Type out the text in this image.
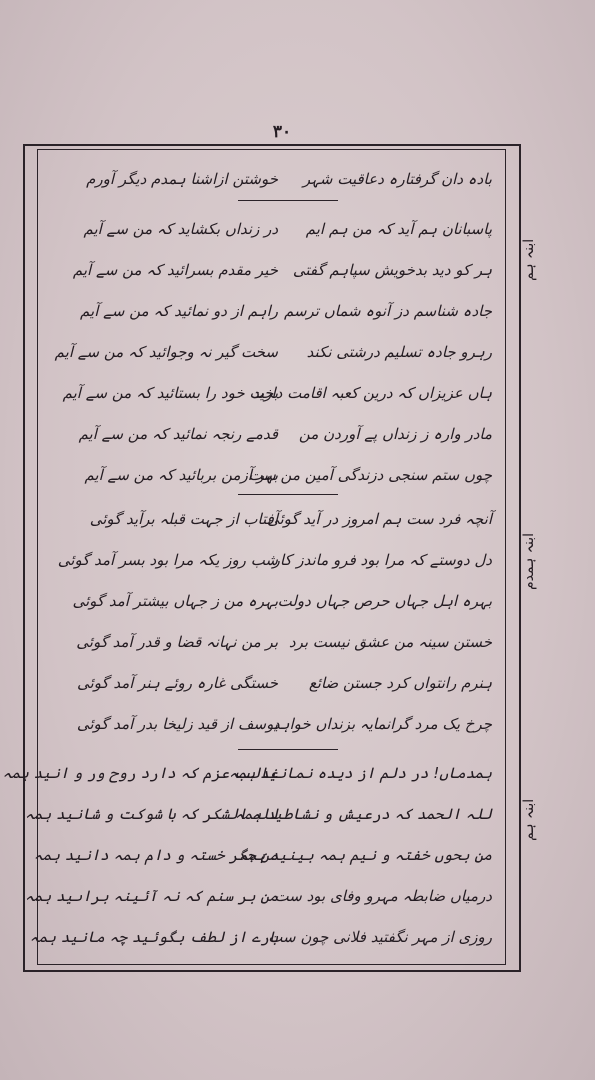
۳۰
بادہ دان گرفتارہ دعاقیت شہر
خوشتن ازاشنا ہمدم دیگر آورم
پاسبانان ہم آید کہ من ہم ایم
در زنداں بکشاید کہ من سے آیم
ہر کو دید بدخویش سپاہم گفتی
خیر مقدم بسرائید کہ من سے آیم
جادہ شناسم دز آنوہ شماں ترسم
راہم از دو نمائید کہ من سے آیم
رہرو جادہ تسلیم درشتی نکند
سخت گیر نہ وجوائید کہ من سے آیم
ہاں عزیزاں کہ درین کعبہ اقامت دارید
بخت خود را بستائید کہ من سے آیم
مادر وارہ ز زنداں پے آوردن من
قدمے رنجہ نمائید کہ من سے آیم
چوں ستم سنجی دزندگی آمین من ست
بہر آزمن بربائید کہ من سے آیم
ابنہ ہم
آنچہ فرد ست ہم امروز در آید گوئی
آفتاب از جہت قبلہ برآید گوئی
دل دوستے کہ مرا بود فرو ماندز کار
شب روز یکہ مرا بود بسر آمد گوئی
بہرہ اہل جہاں حرص جہاں دولت
بہرہ من ز جہاں بیشتر آمد گوئی
خستن سینہ من عشق نیست برد
بر من نہانہ قضا و قدر آمد گوئی
ہنرم رانتواں کرد جستن ضائع
خستگی غارہ روئے ہنر آمد گوئی
چرخ یک مرد گرانمایہ بزنداں خواہد
یوسف از قید زلیخا بدر آمد گوئی
ابنہ ہمدم
ہمدماں! در دلم از دیدہ نمانید ہمہ
غالب عزم کہ دارد روح ور و انید ہمہ
للہ الحمد کہ درعیش و نشاطید ہمہ
للہ الشکر کہ با شوکت و شانید ہمہ
من بحوں خفتہ و نیم ہمہ بینید ہمہ
من جگر خستہ و دام ہمہ دانید ہمہ
درمیاں ضابطہ مہرو وفای بود ست
من بر سنم کہ نہ آئینہ براںید ہمہ
روزی از مہر نگفتید فلانی چون ست
بارے از لطف بگوئید چہ مانید ہمہ
ابنہ ہم
